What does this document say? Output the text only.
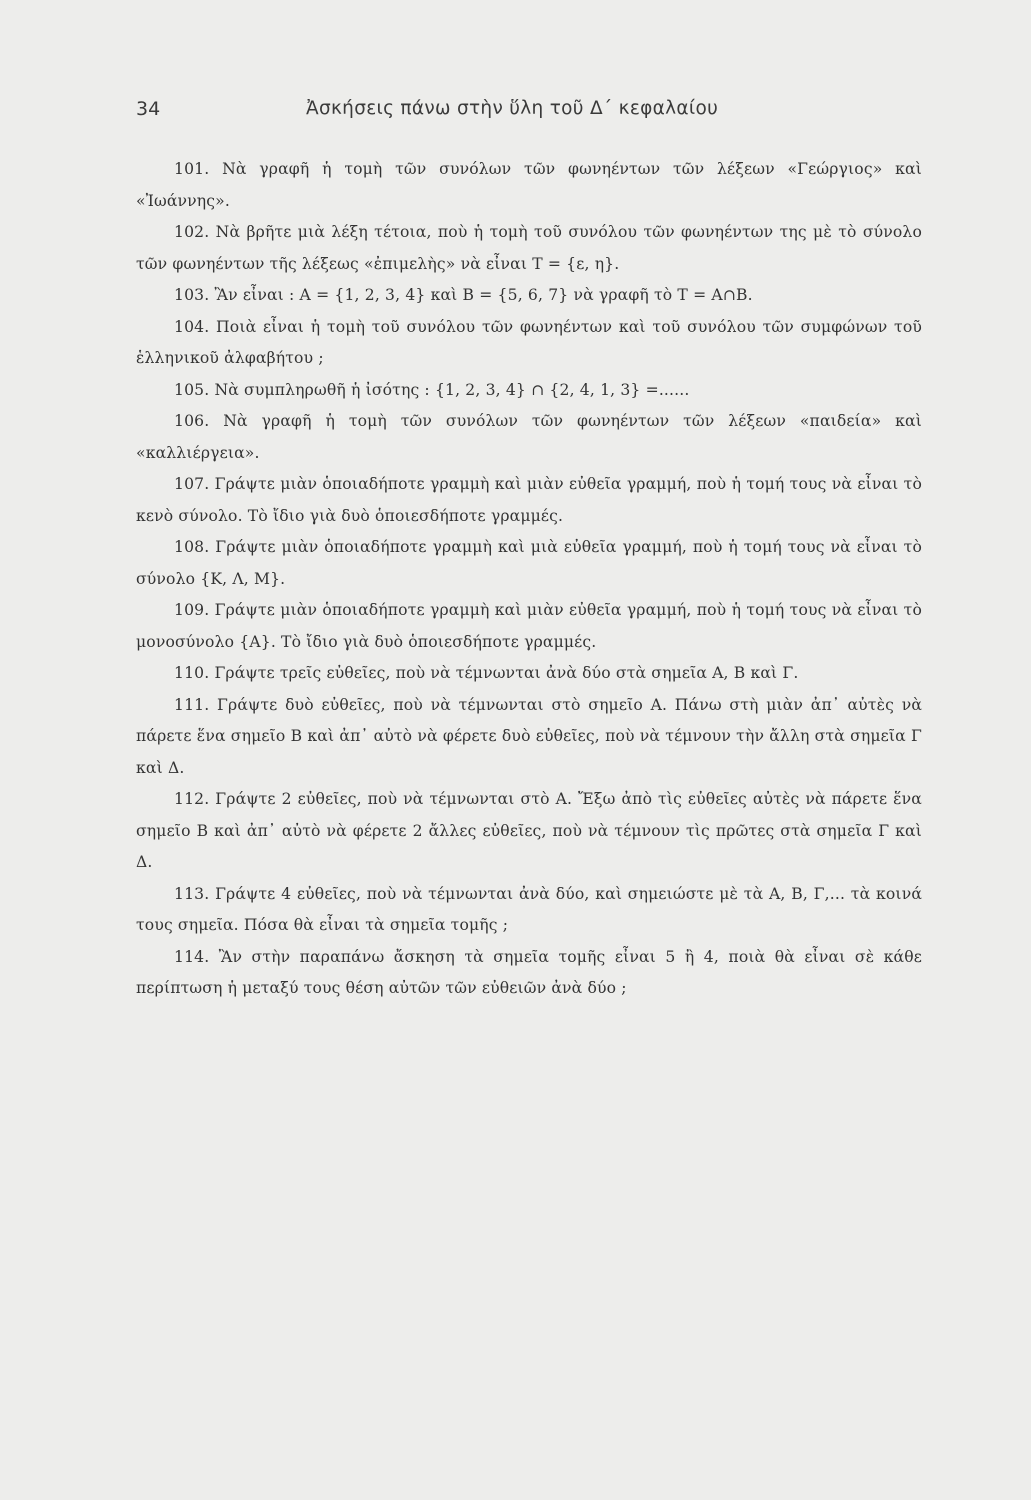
34	Ἀσκήσεις πάνω στὴν ὕλη τοῦ Δ΄ κεφαλαίου

101. Νὰ γραφῆ ἡ τομὴ τῶν συνόλων τῶν φωνηέντων τῶν λέξεων «Γεώργιος» καὶ «Ἰωάννης».

102. Νὰ βρῆτε μιὰ λέξη τέτοια, ποὺ ἡ τομὴ τοῦ συνόλου τῶν φωνηέντων της μὲ τὸ σύνολο τῶν φωνηέντων τῆς λέξεως «ἐπιμελὴς» νὰ εἶναι Τ = {ε, η}.

103. Ἂν εἶναι : A = {1, 2, 3, 4} καὶ B = {5, 6, 7} νὰ γραφῆ τὸ T = A∩B.

104. Ποιὰ εἶναι ἡ τομὴ τοῦ συνόλου τῶν φωνηέντων καὶ τοῦ συνόλου τῶν συμφώνων τοῦ ἑλληνικοῦ ἀλφαβήτου ;

105. Νὰ συμπληρωθῆ ἡ ἰσότης : {1, 2, 3, 4} ∩ {2, 4, 1, 3} =......

106. Νὰ γραφῆ ἡ τομὴ τῶν συνόλων τῶν φωνηέντων τῶν λέξεων «παιδεία» καὶ «καλλιέργεια».

107. Γράψτε μιὰν ὁποιαδήποτε γραμμὴ καὶ μιὰν εὐθεῖα γραμμή, ποὺ ἡ τομή τους νὰ εἶναι τὸ κενὸ σύνολο. Τὸ ἴδιο γιὰ δυὸ ὁποιεσδήποτε γραμμές.

108. Γράψτε μιὰν ὁποιαδήποτε γραμμὴ καὶ μιὰ εὐθεῖα γραμμή, ποὺ ἡ τομή τους νὰ εἶναι τὸ σύνολο {K, Λ, M}.

109. Γράψτε μιὰν ὁποιαδήποτε γραμμὴ καὶ μιὰν εὐθεῖα γραμμή, ποὺ ἡ τομή τους νὰ εἶναι τὸ μονοσύνολο {A}. Τὸ ἴδιο γιὰ δυὸ ὁποιεσδήποτε γραμμές.

110. Γράψτε τρεῖς εὐθεῖες, ποὺ νὰ τέμνωνται ἀνὰ δύο στὰ σημεῖα A, B καὶ Γ.

111. Γράψτε δυὸ εὐθεῖες, ποὺ νὰ τέμνωνται στὸ σημεῖο A. Πάνω στὴ μιὰν ἀπ᾽ αὐτὲς νὰ πάρετε ἕνα σημεῖο B καὶ ἀπ᾽ αὐτὸ νὰ φέρετε δυὸ εὐθεῖες, ποὺ νὰ τέμνουν τὴν ἄλλη στὰ σημεῖα Γ καὶ Δ.

112. Γράψτε 2 εὐθεῖες, ποὺ νὰ τέμνωνται στὸ A. Ἔξω ἀπὸ τὶς εὐθεῖες αὐτὲς νὰ πάρετε ἕνα σημεῖο B καὶ ἀπ᾽ αὐτὸ νὰ φέρετε 2 ἄλλες εὐθεῖες, ποὺ νὰ τέμνουν τὶς πρῶτες στὰ σημεῖα Γ καὶ Δ.

113. Γράψτε 4 εὐθεῖες, ποὺ νὰ τέμνωνται ἀνὰ δύο, καὶ σημειώστε μὲ τὰ A, B, Γ,... τὰ κοινά τους σημεῖα. Πόσα θὰ εἶναι τὰ σημεῖα τομῆς ;

114. Ἂν στὴν παραπάνω ἄσκηση τὰ σημεῖα τομῆς εἶναι 5 ἢ 4, ποιὰ θὰ εἶναι σὲ κάθε περίπτωση ἡ μεταξύ τους θέση αὐτῶν τῶν εὐθειῶν ἀνὰ δύο ;
